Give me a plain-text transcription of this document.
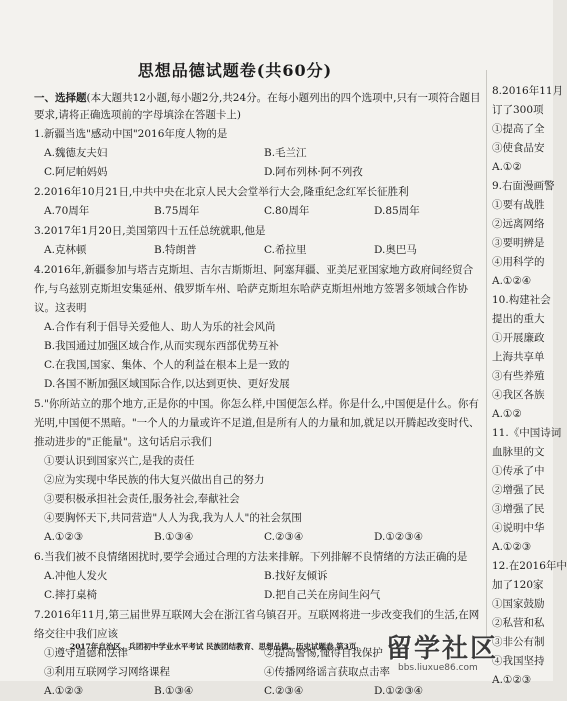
思想品德试题卷(共60分)
一、选择题(本大题共12小题,每小题2分,共24分。在每小题列出的四个选项中,只有一项符合题目要求,请将正确选项前的字母填涂在答题卡上)
1.新疆当选"感动中国"2016年度人物的是
A.魏德友夫妇	B.毛兰江
C.阿尼帕妈妈	D.阿布列林·阿不列孜
2.2016年10月21日,中共中央在北京人民大会堂举行大会,隆重纪念红军长征胜利
A.70周年	B.75周年	C.80周年	D.85周年
3.2017年1月20日,美国第四十五任总统就职,他是
A.克林顿	B.特朗普	C.希拉里	D.奥巴马
4.2016年,新疆参加与塔吉克斯坦、吉尔吉斯斯坦、阿塞拜疆、亚美尼亚国家地方政府间经贸合作,与乌兹别克斯坦安集延州、俄罗斯车州、哈萨克斯坦东哈萨克斯坦州地方签署多领域合作协议。这表明
A.合作有利于倡导关爱他人、助人为乐的社会风尚
B.我国通过加强区域合作,从而实现东西部优势互补
C.在我国,国家、集体、个人的利益在根本上是一致的
D.各国不断加强区域国际合作,以达到更快、更好发展
5."你所站立的那个地方,正是你的中国。你怎么样,中国便怎么样。你是什么,中国便是什么。你有光明,中国便不黑暗。"一个人的力量或许不足道,但是所有人的力量和加,就足以开腾起改变时代、推动进步的"正能量"。这句话启示我们
①要认识到国家兴亡,是我的责任
②应为实现中华民族的伟大复兴做出自己的努力
③要积极承担社会责任,服务社会,奉献社会
④要胸怀天下,共同营造"人人为我,我为人人"的社会氛围
A.①②③	B.①③④	C.②③④	D.①②③④
6.当我们被不良情绪困扰时,要学会通过合理的方法来排解。下列排解不良情绪的方法正确的是
A.冲他人发火	B.找好友倾诉
C.摔打桌椅	D.把自己关在房间生闷气
7.2016年11月,第三届世界互联网大会在浙江省乌镇召开。互联网将进一步改变我们的生活,在网络交往中我们应该
①遵守道德和法律	②提高警惕,懂得自我保护
③利用互联网学习网络课程	④传播网络谣言获取点击率
A.①②③	B.①③④	C.②③④	D.①②③④
2017年自治区、兵团初中学业水平考试 民族团结教育、思想品德、历史试题卷 第3页
8.2016年11月
订了300项
①提高了全
③使食品安
A.①②
9.右面漫画警
①要有战胜
②远离网络
③要明辨是
④用科学的
A.①②④
10.构建社会
提出的重大
①开展廉政
上海共享单
③有些养殖
④我区各族
A.①②
11.《中国诗词
血脉里的文
①传承了中
②增强了民
③增强了民
④说明中华
A.①②③
12.在2016年中
加了120家
①国家鼓励
②私营和私
③非公有制
④我国坚持
A.①②③
留学社区
bbs.liuxue86.com
